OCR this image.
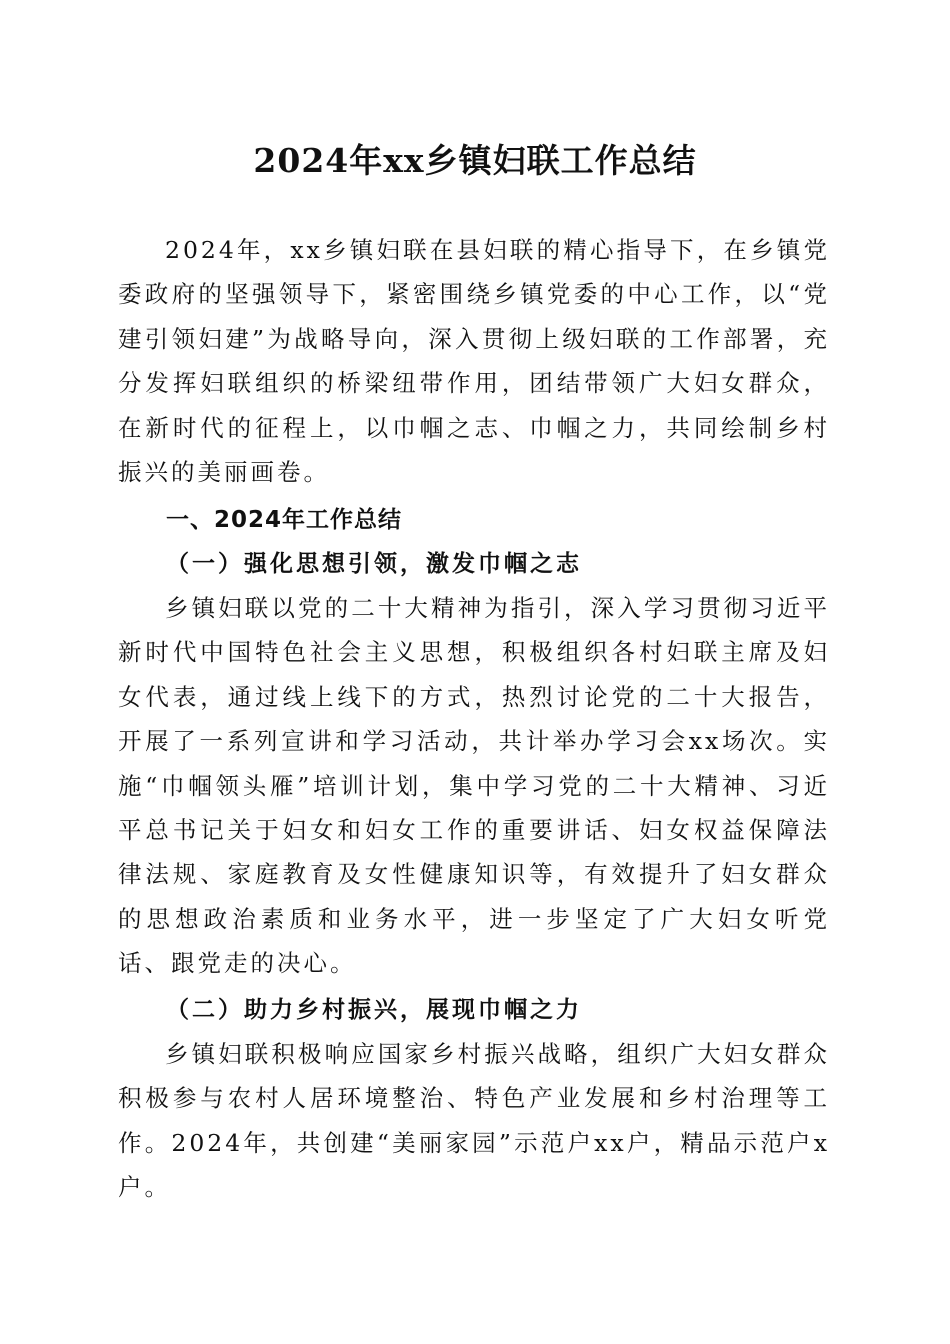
2024年xx乡镇妇联工作总结

2024年，xx乡镇妇联在县妇联的精心指导下，在乡镇党委政府的坚强领导下，紧密围绕乡镇党委的中心工作，以“党建引领妇建”为战略导向，深入贯彻上级妇联的工作部署，充分发挥妇联组织的桥梁纽带作用，团结带领广大妇女群众，在新时代的征程上，以巾帼之志、巾帼之力，共同绘制乡村振兴的美丽画卷。

一、2024年工作总结
（一）强化思想引领，激发巾帼之志

乡镇妇联以党的二十大精神为指引，深入学习贯彻习近平新时代中国特色社会主义思想，积极组织各村妇联主席及妇女代表，通过线上线下的方式，热烈讨论党的二十大报告，开展了一系列宣讲和学习活动，共计举办学习会xx场次。实施“巾帼领头雁”培训计划，集中学习党的二十大精神、习近平总书记关于妇女和妇女工作的重要讲话、妇女权益保障法律法规、家庭教育及女性健康知识等，有效提升了妇女群众的思想政治素质和业务水平，进一步坚定了广大妇女听党话、跟党走的决心。

（二）助力乡村振兴，展现巾帼之力

乡镇妇联积极响应国家乡村振兴战略，组织广大妇女群众积极参与农村人居环境整治、特色产业发展和乡村治理等工作。2024年，共创建“美丽家园”示范户xx户，精品示范户x户。
